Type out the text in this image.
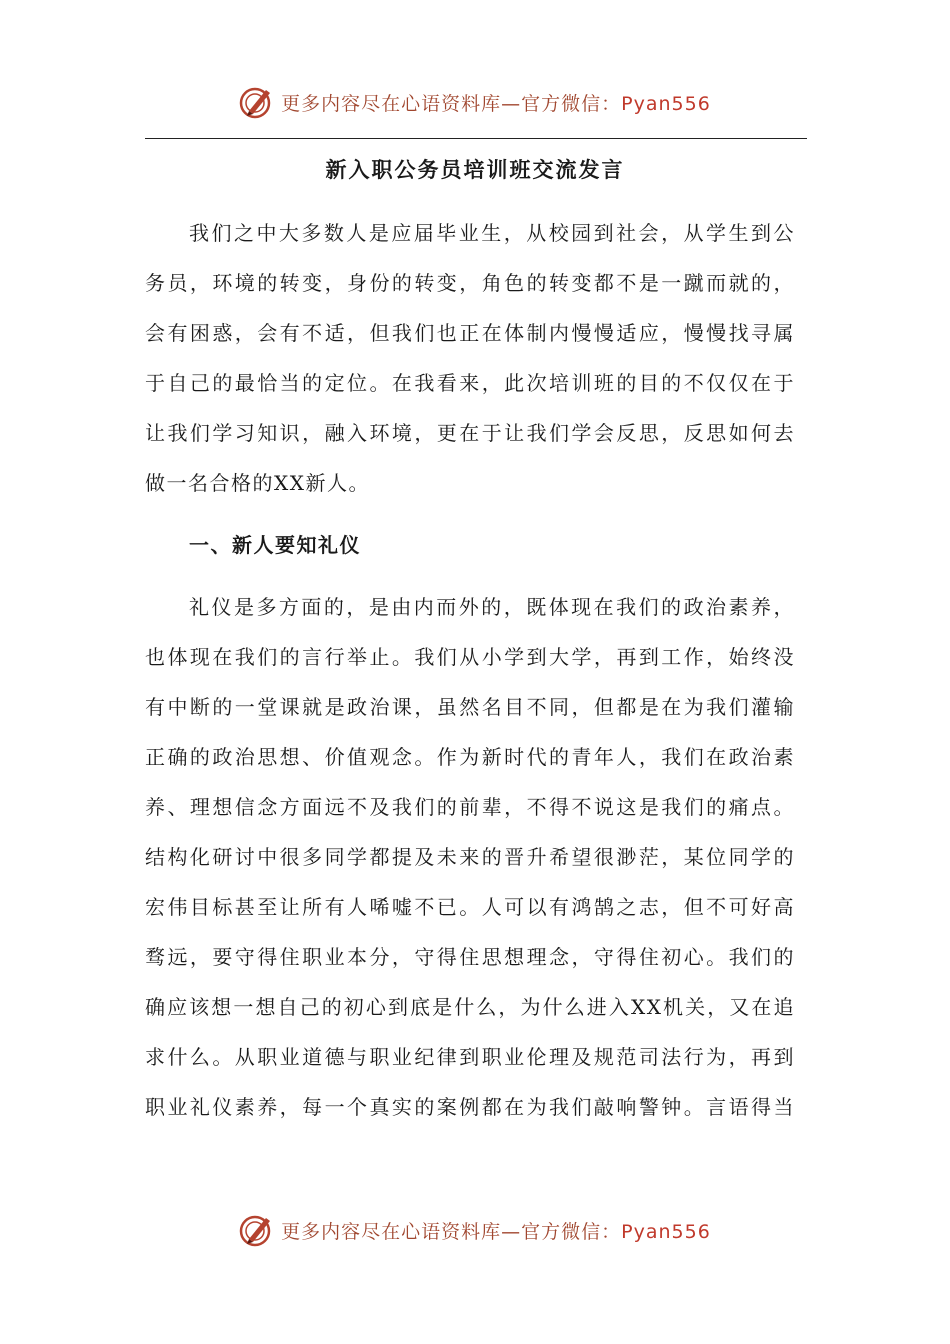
更多内容尽在心语资料库—官方微信：Pyan556
新入职公务员培训班交流发言
我们之中大多数人是应届毕业生，从校园到社会，从学生到公
务员，环境的转变，身份的转变，角色的转变都不是一蹴而就的，
会有困惑，会有不适，但我们也正在体制内慢慢适应，慢慢找寻属
于自己的最恰当的定位。在我看来，此次培训班的目的不仅仅在于
让我们学习知识，融入环境，更在于让我们学会反思，反思如何去
做一名合格的XX新人。
一、新人要知礼仪
礼仪是多方面的，是由内而外的，既体现在我们的政治素养，
也体现在我们的言行举止。我们从小学到大学，再到工作，始终没
有中断的一堂课就是政治课，虽然名目不同，但都是在为我们灌输
正确的政治思想、价值观念。作为新时代的青年人，我们在政治素
养、理想信念方面远不及我们的前辈，不得不说这是我们的痛点。
结构化研讨中很多同学都提及未来的晋升希望很渺茫，某位同学的
宏伟目标甚至让所有人唏嘘不已。人可以有鸿鹄之志，但不可好高
骛远，要守得住职业本分，守得住思想理念，守得住初心。我们的
确应该想一想自己的初心到底是什么，为什么进入XX机关，又在追
求什么。从职业道德与职业纪律到职业伦理及规范司法行为，再到
职业礼仪素养，每一个真实的案例都在为我们敲响警钟。言语得当
更多内容尽在心语资料库—官方微信：Pyan556
